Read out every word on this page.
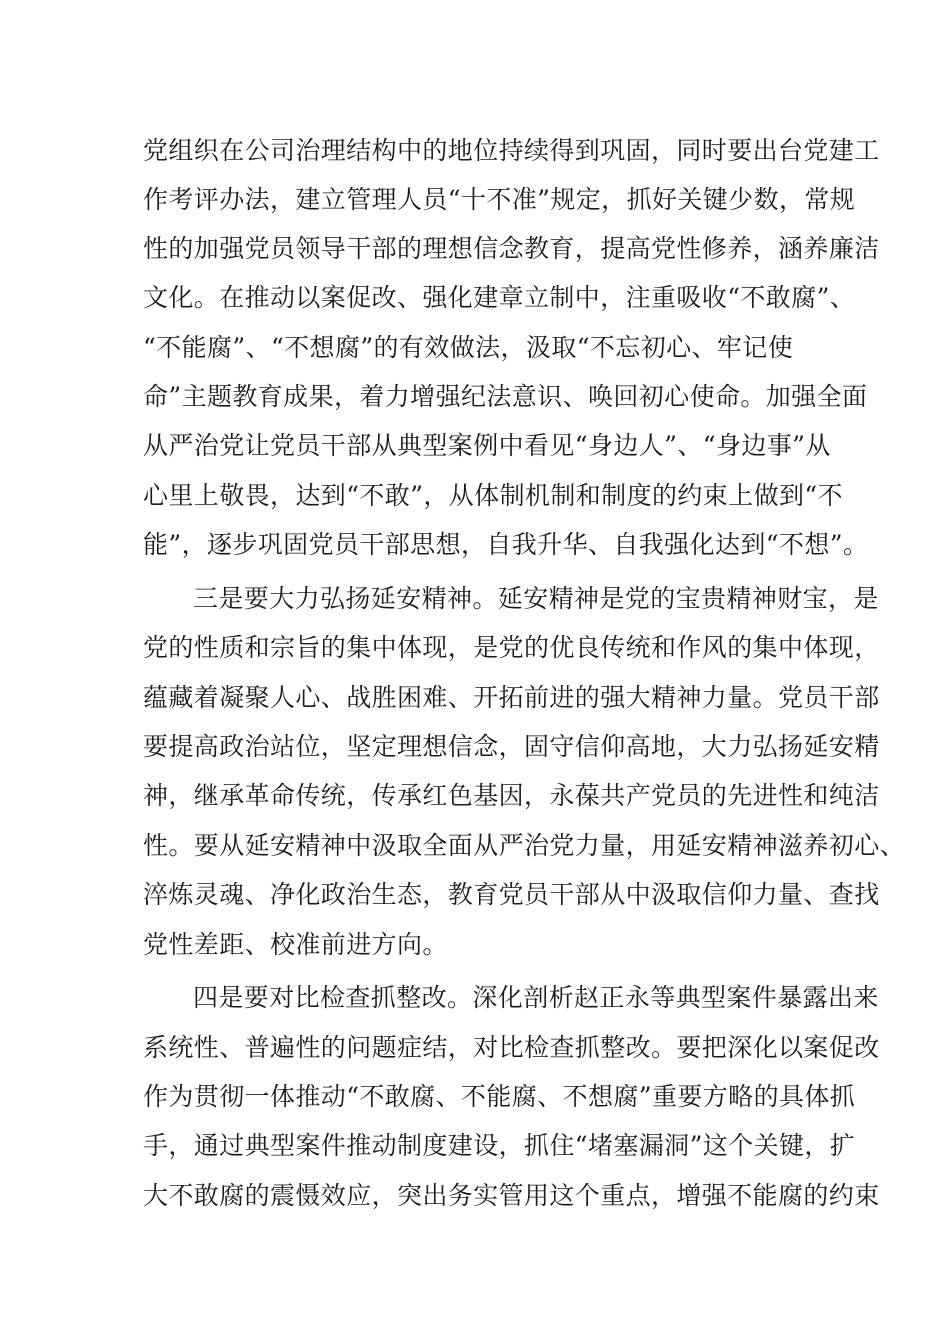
党组织在公司治理结构中的地位持续得到巩固，同时要出台党建工
作考评办法，建立管理人员“十不准”规定，抓好关键少数，常规
性的加强党员领导干部的理想信念教育，提高党性修养，涵养廉洁
文化。在推动以案促改、强化建章立制中，注重吸收“不敢腐”、
“不能腐”、“不想腐”的有效做法，汲取“不忘初心、牢记使
命”主题教育成果，着力增强纪法意识、唤回初心使命。加强全面
从严治党让党员干部从典型案例中看见“身边人”、“身边事”从
心里上敬畏，达到“不敢”，从体制机制和制度的约束上做到“不
能”，逐步巩固党员干部思想，自我升华、自我强化达到“不想”。
三是要大力弘扬延安精神。延安精神是党的宝贵精神财宝，是
党的性质和宗旨的集中体现，是党的优良传统和作风的集中体现，
蕴藏着凝聚人心、战胜困难、开拓前进的强大精神力量。党员干部
要提高政治站位，坚定理想信念，固守信仰高地，大力弘扬延安精
神，继承革命传统，传承红色基因，永葆共产党员的先进性和纯洁
性。要从延安精神中汲取全面从严治党力量，用延安精神滋养初心、
淬炼灵魂、净化政治生态，教育党员干部从中汲取信仰力量、查找
党性差距、校准前进方向。
四是要对比检查抓整改。深化剖析赵正永等典型案件暴露出来
系统性、普遍性的问题症结，对比检查抓整改。要把深化以案促改
作为贯彻一体推动“不敢腐、不能腐、不想腐”重要方略的具体抓
手，通过典型案件推动制度建设，抓住“堵塞漏洞”这个关键，扩
大不敢腐的震慑效应，突出务实管用这个重点，增强不能腐的约束
